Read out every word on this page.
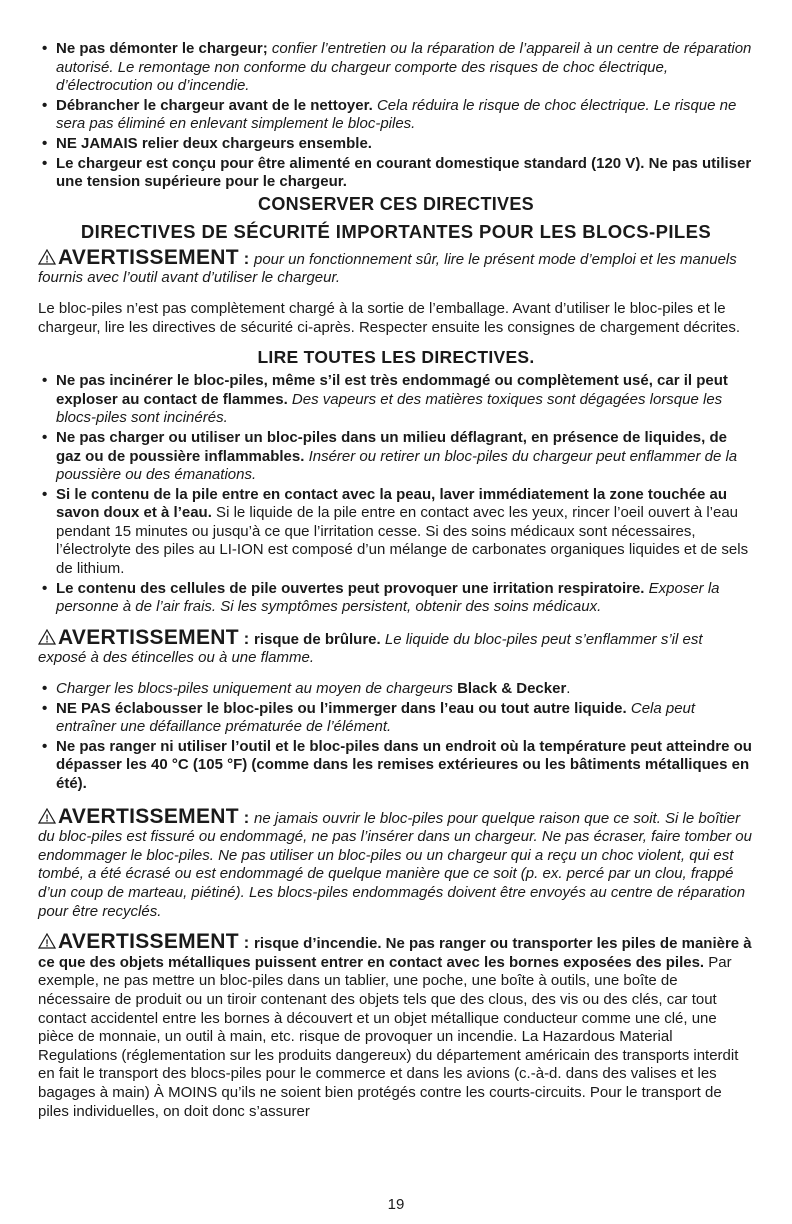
• Ne pas démonter le chargeur; confier l’entretien ou la réparation de l’appareil à un centre de réparation autorisé. Le remontage non conforme du chargeur comporte des risques de choc électrique, d’électrocution ou d’incendie.
• Débrancher le chargeur avant de le nettoyer. Cela réduira le risque de choc électrique. Le risque ne sera pas éliminé en enlevant simplement le bloc-piles.
• NE JAMAIS relier deux chargeurs ensemble.
• Le chargeur est conçu pour être alimenté en courant domestique standard (120 V). Ne pas utiliser une tension supérieure pour le chargeur.
CONSERVER CES DIRECTIVES
DIRECTIVES DE SÉCURITÉ IMPORTANTES POUR LES BLOCS-PILES
! AVERTISSEMENT : pour un fonctionnement sûr, lire le présent mode d’emploi et les manuels fournis avec l’outil avant d’utiliser le chargeur.

Le bloc-piles n’est pas complètement chargé à la sortie de l’emballage. Avant d’utiliser le bloc-piles et le chargeur, lire les directives de sécurité ci-après. Respecter ensuite les consignes de chargement décrites.

LIRE TOUTES LES DIRECTIVES.
• Ne pas incinérer le bloc-piles, même s’il est très endommagé ou complètement usé, car il peut exploser au contact de flammes. Des vapeurs et des matières toxiques sont dégagées lorsque les blocs-piles sont incinérés.
• Ne pas charger ou utiliser un bloc-piles dans un milieu déflagrant, en présence de liquides, de gaz ou de poussière inflammables. Insérer ou retirer un bloc-piles du chargeur peut enflammer de la poussière ou des émanations.
• Si le contenu de la pile entre en contact avec la peau, laver immédiatement la zone touchée au savon doux et à l’eau. Si le liquide de la pile entre en contact avec les yeux, rincer l’oeil ouvert à l’eau pendant 15 minutes ou jusqu’à ce que l’irritation cesse. Si des soins médicaux sont nécessaires, l’électrolyte des piles au LI-ION est composé d’un mélange de carbonates organiques liquides et de sels de lithium.
• Le contenu des cellules de pile ouvertes peut provoquer une irritation respiratoire. Exposer la personne à de l’air frais. Si les symptômes persistent, obtenir des soins médicaux.
! AVERTISSEMENT : risque de brûlure. Le liquide du bloc-piles peut s’enflammer s’il est exposé à des étincelles ou à une flamme.
• Charger les blocs-piles uniquement au moyen de chargeurs Black & Decker.
• NE PAS éclabousser le bloc-piles ou l’immerger dans l’eau ou tout autre liquide. Cela peut entraîner une défaillance prématurée de l’élément.
• Ne pas ranger ni utiliser l’outil et le bloc-piles dans un endroit où la température peut atteindre ou dépasser les 40 °C (105 °F) (comme dans les remises extérieures ou les bâtiments métalliques en été).
! AVERTISSEMENT : ne jamais ouvrir le bloc-piles pour quelque raison que ce soit. Si le boîtier du bloc-piles est fissuré ou endommagé, ne pas l’insérer dans un chargeur. Ne pas écraser, faire tomber ou endommager le bloc-piles. Ne pas utiliser un bloc-piles ou un chargeur qui a reçu un choc violent, qui est tombé, a été écrasé ou est endommagé de quelque manière que ce soit (p. ex. percé par un clou, frappé d’un coup de marteau, piétiné). Les blocs-piles endommagés doivent être envoyés au centre de réparation pour être recyclés.
! AVERTISSEMENT : risque d’incendie. Ne pas ranger ou transporter les piles de manière à ce que des objets métalliques puissent entrer en contact avec les bornes exposées des piles. Par exemple, ne pas mettre un bloc-piles dans un tablier, une poche, une boîte à outils, une boîte de nécessaire de produit ou un tiroir contenant des objets tels que des clous, des vis ou des clés, car tout contact accidentel entre les bornes à découvert et un objet métallique conducteur comme une clé, une pièce de monnaie, un outil à main, etc. risque de provoquer un incendie. La Hazardous Material Regulations (réglementation sur les produits dangereux) du département américain des transports interdit en fait le transport des blocs-piles pour le commerce et dans les avions (c.-à-d. dans des valises et les bagages à main) À MOINS qu’ils ne soient bien protégés contre les courts-circuits. Pour le transport de piles individuelles, on doit donc s’assurer
19
